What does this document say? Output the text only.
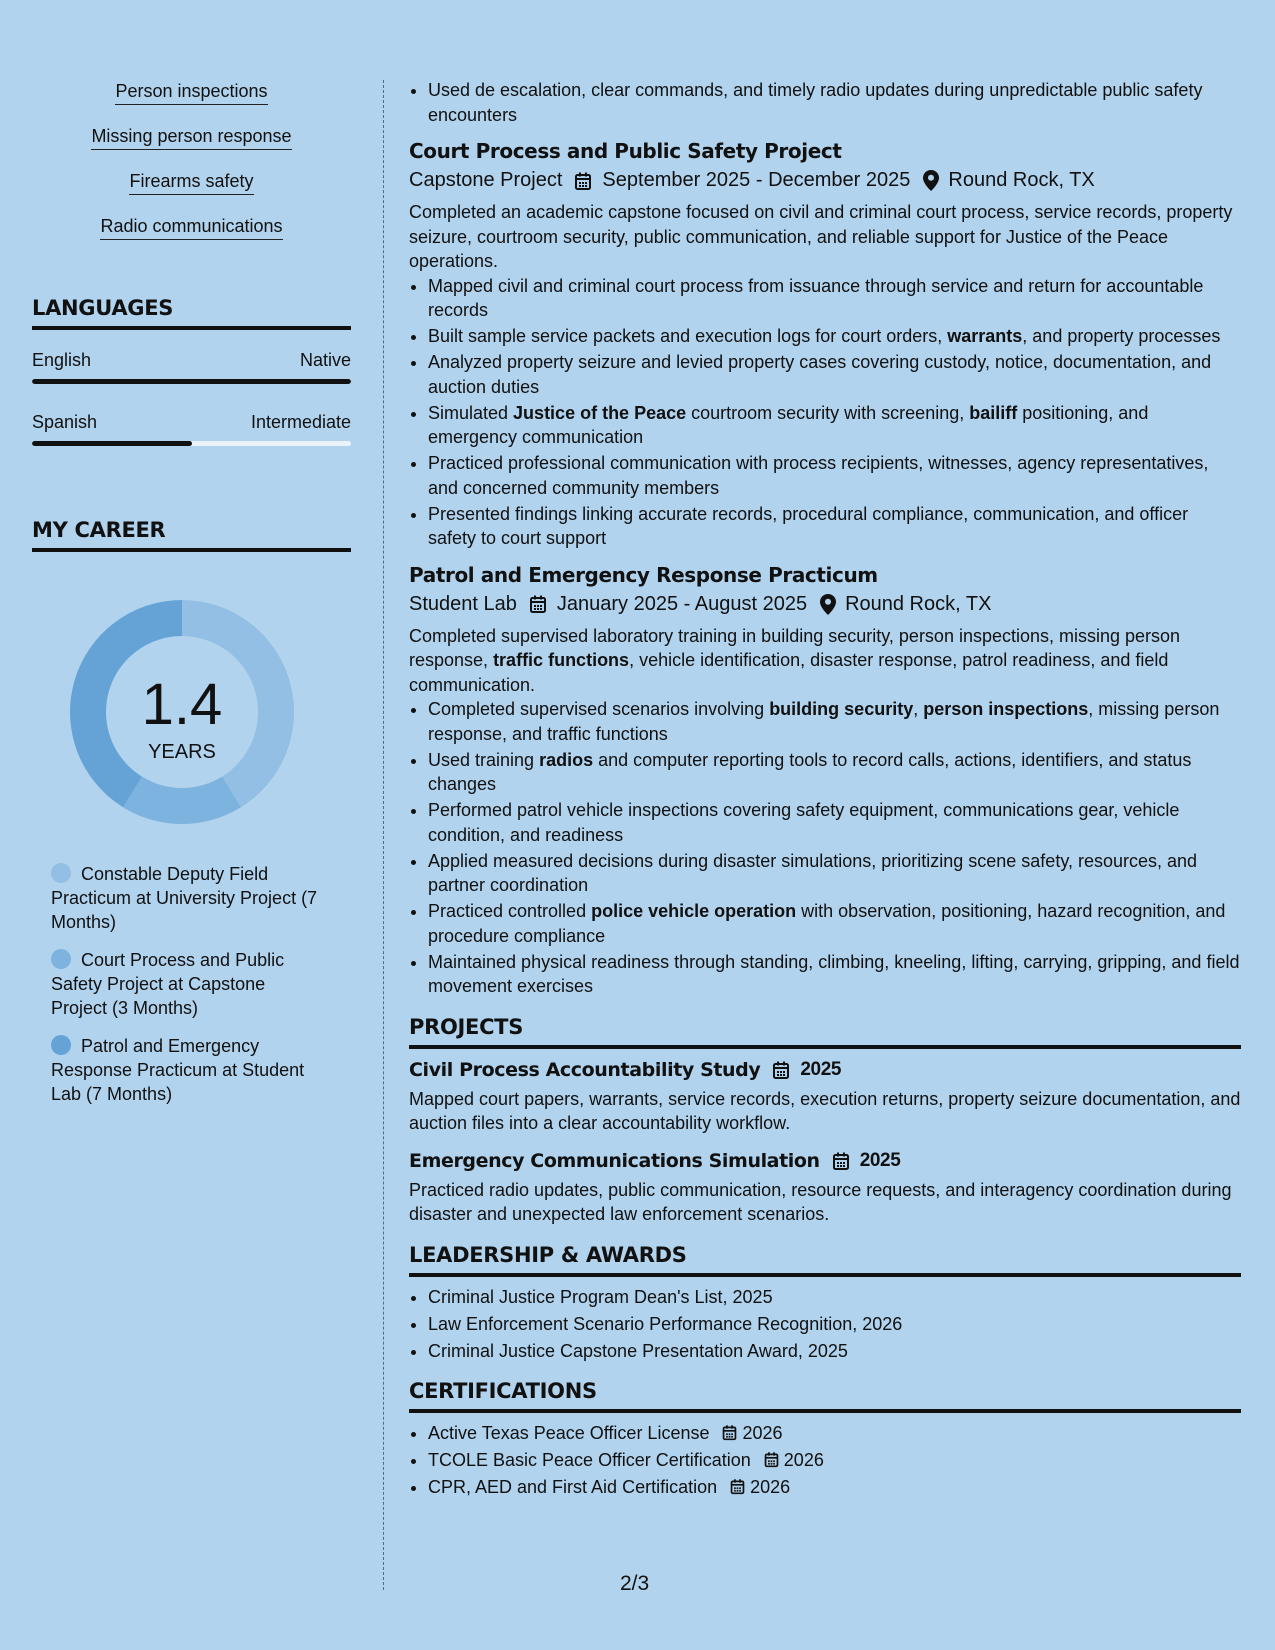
Person inspections
Missing person response
Firearms safety
Radio communications
LANGUAGES
English	Native
Spanish	Intermediate
MY CAREER
1.4
YEARS
Constable Deputy Field Practicum at University Project (7 Months)
Court Process and Public Safety Project at Capstone Project (3 Months)
Patrol and Emergency Response Practicum at Student Lab (7 Months)
• Used de escalation, clear commands, and timely radio updates during unpredictable public safety encounters
Court Process and Public Safety Project
Capstone Project September 2025 - December 2025 Round Rock, TX
Completed an academic capstone focused on civil and criminal court process, service records, property seizure, courtroom security, public communication, and reliable support for Justice of the Peace operations.
• Mapped civil and criminal court process from issuance through service and return for accountable records
• Built sample service packets and execution logs for court orders, warrants, and property processes
• Analyzed property seizure and levied property cases covering custody, notice, documentation, and auction duties
• Simulated Justice of the Peace courtroom security with screening, bailiff positioning, and emergency communication
• Practiced professional communication with process recipients, witnesses, agency representatives, and concerned community members
• Presented findings linking accurate records, procedural compliance, communication, and officer safety to court support
Patrol and Emergency Response Practicum
Student Lab January 2025 - August 2025 Round Rock, TX
Completed supervised laboratory training in building security, person inspections, missing person response, traffic functions, vehicle identification, disaster response, patrol readiness, and field communication.
• Completed supervised scenarios involving building security, person inspections, missing person response, and traffic functions
• Used training radios and computer reporting tools to record calls, actions, identifiers, and status changes
• Performed patrol vehicle inspections covering safety equipment, communications gear, vehicle condition, and readiness
• Applied measured decisions during disaster simulations, prioritizing scene safety, resources, and partner coordination
• Practiced controlled police vehicle operation with observation, positioning, hazard recognition, and procedure compliance
• Maintained physical readiness through standing, climbing, kneeling, lifting, carrying, gripping, and field movement exercises
PROJECTS
Civil Process Accountability Study 2025
Mapped court papers, warrants, service records, execution returns, property seizure documentation, and auction files into a clear accountability workflow.
Emergency Communications Simulation 2025
Practiced radio updates, public communication, resource requests, and interagency coordination during disaster and unexpected law enforcement scenarios.
LEADERSHIP & AWARDS
• Criminal Justice Program Dean's List, 2025
• Law Enforcement Scenario Performance Recognition, 2026
• Criminal Justice Capstone Presentation Award, 2025
CERTIFICATIONS
• Active Texas Peace Officer License 2026
• TCOLE Basic Peace Officer Certification 2026
• CPR, AED and First Aid Certification 2026
2/3
